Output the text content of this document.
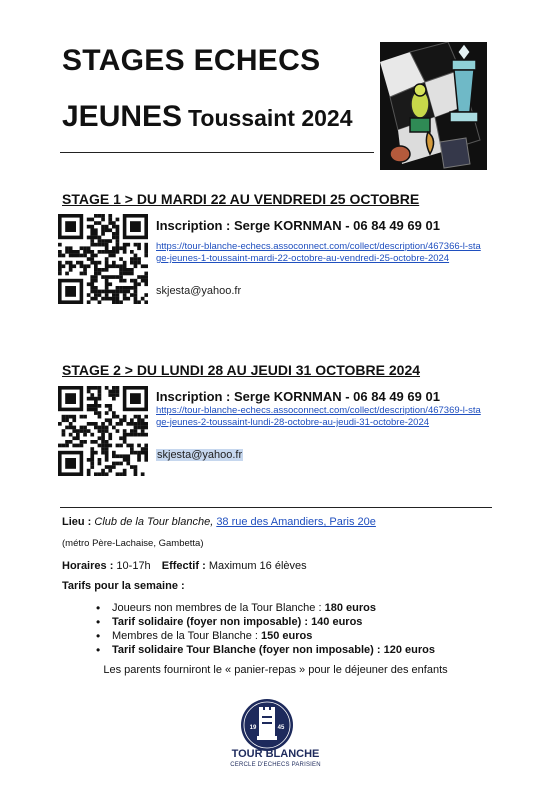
STAGES ECHECS
JEUNES Toussaint 2024
STAGE 1 > DU MARDI 22 AU VENDREDI 25 OCTOBRE
Inscription : Serge KORNMAN - 06 84 49 69 01
https://tour-blanche-echecs.assoconnect.com/collect/description/467366-l-stage-jeunes-1-toussaint-mardi-22-octobre-au-vendredi-25-octobre-2024
skjesta@yahoo.fr
STAGE 2 > DU LUNDI 28 AU JEUDI 31 OCTOBRE 2024
Inscription : Serge KORNMAN - 06 84 49 69 01
https://tour-blanche-echecs.assoconnect.com/collect/description/467369-l-stage-jeunes-2-toussaint-lundi-28-octobre-au-jeudi-31-octobre-2024
skjesta@yahoo.fr
Lieu : Club de la Tour blanche, 38 rue des Amandiers, Paris 20e
(métro Père-Lachaise, Gambetta)
Horaires : 10-17h Effectif : Maximum 16 élèves
Tarifs pour la semaine :
• Joueurs non membres de la Tour Blanche : 180 euros
• Tarif solidaire (foyer non imposable) : 140 euros
• Membres de la Tour Blanche : 150 euros
• Tarif solidaire Tour Blanche (foyer non imposable) : 120 euros
Les parents fourniront le « panier-repas » pour le déjeuner des enfants
19	45
TOUR BLANCHE
CERCLE D'ECHECS PARISIEN
